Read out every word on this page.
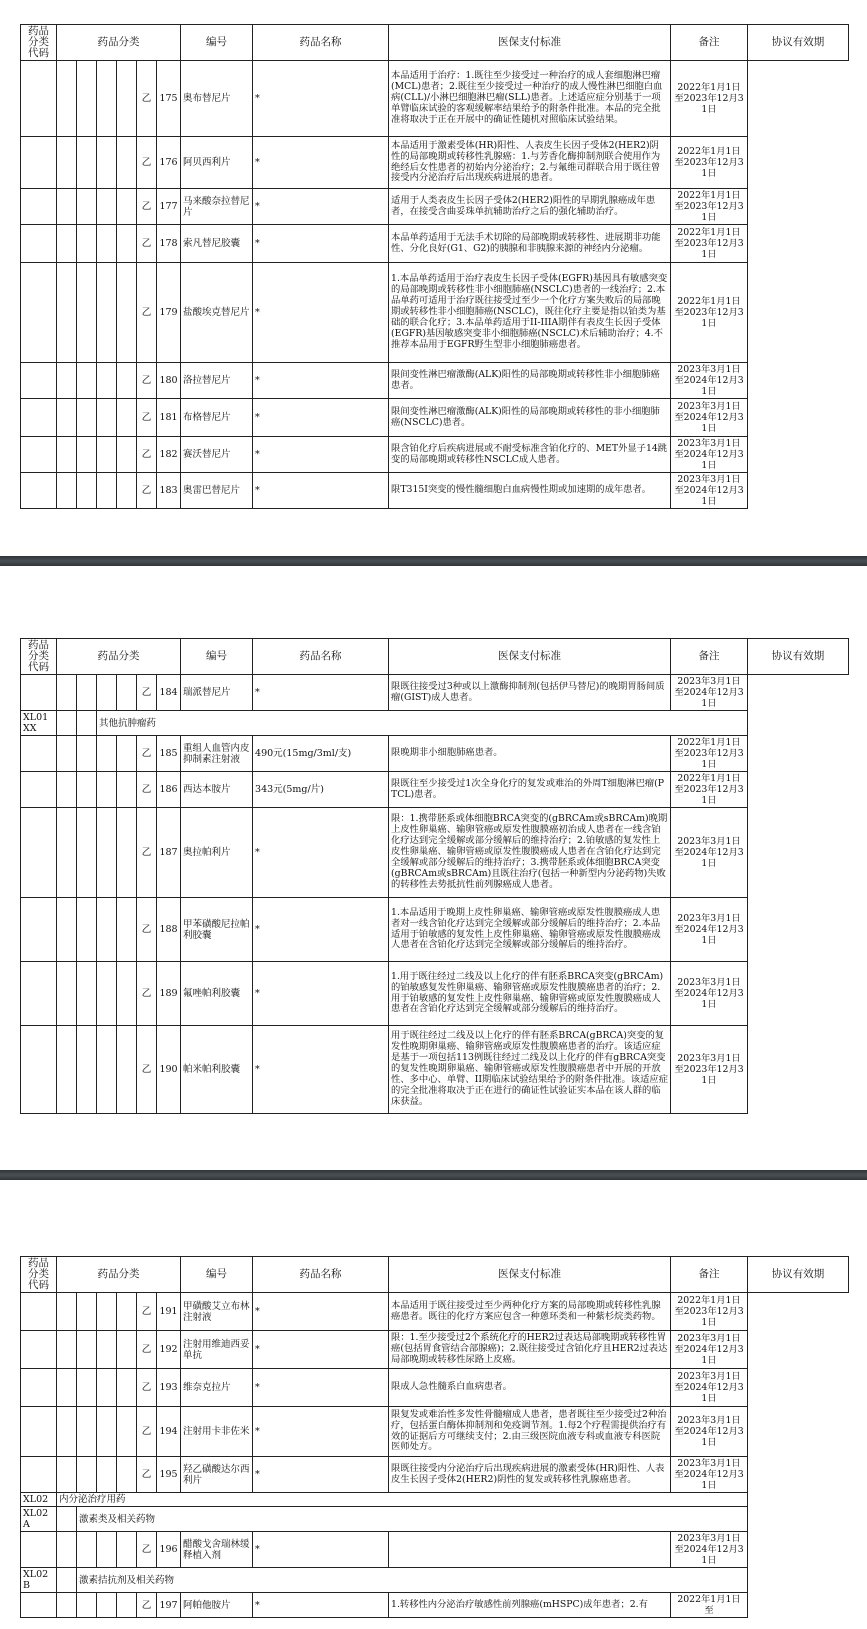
药品分类代码	药品分类						编号	药品名称	医保支付标准	备注	协议有效期
					乙	175	奥布替尼片	*	本品适用于治疗：1.既往至少接受过一种治疗的成人套细胞淋巴瘤(MCL)患者；2.既往至少接受过一种治疗的成人慢性淋巴细胞白血病(CLL)/小淋巴细胞淋巴瘤(SLL)患者。上述适应症分别基于一项单臂临床试验的客观缓解率结果给予的附条件批准。本品的完全批准将取决于正在开展中的确证性随机对照临床试验结果。	2022年1月1日至2023年12月31日	
					乙	176	阿贝西利片	*	本品适用于激素受体(HR)阳性、人表皮生长因子受体2(HER2)阴性的局部晚期或转移性乳腺癌：1.与芳香化酶抑制剂联合使用作为绝经后女性患者的初始内分泌治疗；2.与氟维司群联合用于既往曾接受内分泌治疗后出现疾病进展的患者。	2022年1月1日至2023年12月31日	
					乙	177	马来酸奈拉替尼片	*	适用于人类表皮生长因子受体2(HER2)阳性的早期乳腺癌成年患者，在接受含曲妥珠单抗辅助治疗之后的强化辅助治疗。	2022年1月1日至2023年12月31日	
					乙	178	索凡替尼胶囊	*	本品单药适用于无法手术切除的局部晚期或转移性、进展期非功能性、分化良好(G1、G2)的胰腺和非胰腺来源的神经内分泌瘤。	2022年1月1日至2023年12月31日	
					乙	179	盐酸埃克替尼片	*	1.本品单药适用于治疗表皮生长因子受体(EGFR)基因具有敏感突变的局部晚期或转移性非小细胞肺癌(NSCLC)患者的一线治疗；2.本品单药可适用于治疗既往接受过至少一个化疗方案失败后的局部晚期或转移性非小细胞肺癌(NSCLC)，既往化疗主要是指以铂类为基础的联合化疗；3.本品单药适用于II-IIIA期伴有表皮生长因子受体(EGFR)基因敏感突变非小细胞肺癌(NSCLC)术后辅助治疗；4.不推荐本品用于EGFR野生型非小细胞肺癌患者。	2022年1月1日至2023年12月31日	
					乙	180	洛拉替尼片	*	限间变性淋巴瘤激酶(ALK)阳性的局部晚期或转移性非小细胞肺癌患者。	2023年3月1日至2024年12月31日	
					乙	181	布格替尼片	*	限间变性淋巴瘤激酶(ALK)阳性的局部晚期或转移性的非小细胞肺癌(NSCLC)患者。	2023年3月1日至2024年12月31日	
					乙	182	赛沃替尼片	*	限含铂化疗后疾病进展或不耐受标准含铂化疗的、MET外显子14跳变的局部晚期或转移性NSCLC成人患者。	2023年3月1日至2024年12月31日	
					乙	183	奥雷巴替尼片	*	限T315I突变的慢性髓细胞白血病慢性期或加速期的成年患者。	2023年3月1日至2024年12月31日	
药品分类代码	药品分类						编号	药品名称	医保支付标准	备注	协议有效期
					乙	184	瑞派替尼片	*	限既往接受过3种或以上激酶抑制剂(包括伊马替尼)的晚期胃肠间质瘤(GIST)成人患者。	2023年3月1日至2024年12月31日	
XL01XX			其他抗肿瘤药								
					乙	185	重组人血管内皮抑制素注射液	490元(15mg/3ml/支)	限晚期非小细胞肺癌患者。	2022年1月1日至2023年12月31日	
					乙	186	西达本胺片	343元(5mg/片)	限既往至少接受过1次全身化疗的复发或难治的外周T细胞淋巴瘤(PTCL)患者。	2022年1月1日至2023年12月31日	
					乙	187	奥拉帕利片	*	限：1.携带胚系或体细胞BRCA突变的(gBRCAm或sBRCAm)晚期上皮性卵巢癌、输卵管癌或原发性腹膜癌初治成人患者在一线含铂化疗达到完全缓解或部分缓解后的维持治疗；2.铂敏感的复发性上皮性卵巢癌、输卵管癌或原发性腹膜癌成人患者在含铂化疗达到完全缓解或部分缓解后的维持治疗；3.携带胚系或体细胞BRCA突变(gBRCAm或sBRCAm)且既往治疗(包括一种新型内分泌药物)失败的转移性去势抵抗性前列腺癌成人患者。	2023年3月1日至2024年12月31日	
					乙	188	甲苯磺酸尼拉帕利胶囊	*	1.本品适用于晚期上皮性卵巢癌、输卵管癌或原发性腹膜癌成人患者对一线含铂化疗达到完全缓解或部分缓解后的维持治疗；2.本品适用于铂敏感的复发性上皮性卵巢癌、输卵管癌或原发性腹膜癌成人患者在含铂化疗达到完全缓解或部分缓解后的维持治疗。	2023年3月1日至2024年12月31日	
					乙	189	氟唑帕利胶囊	*	1.用于既往经过二线及以上化疗的伴有胚系BRCA突变(gBRCAm)的铂敏感复发性卵巢癌、输卵管癌或原发性腹膜癌患者的治疗；2.用于铂敏感的复发性上皮性卵巢癌、输卵管癌或原发性腹膜癌成人患者在含铂化疗达到完全缓解或部分缓解后的维持治疗。	2023年3月1日至2024年12月31日	
					乙	190	帕米帕利胶囊	*	用于既往经过二线及以上化疗的伴有胚系BRCA(gBRCA)突变的复发性晚期卵巢癌、输卵管癌或原发性腹膜癌患者的治疗。该适应症是基于一项包括113例既往经过二线及以上化疗的伴有gBRCA突变的复发性晚期卵巢癌、输卵管癌或原发性腹膜癌患者中开展的开放性、多中心、单臂、II期临床试验结果给予的附条件批准。该适应症的完全批准将取决于正在进行的确证性试验证实本品在该人群的临床获益。	2023年3月1日至2023年12月31日	
药品分类代码	药品分类						编号	药品名称	医保支付标准	备注	协议有效期
					乙	191	甲磺酸艾立布林注射液	*	本品适用于既往接受过至少两种化疗方案的局部晚期或转移性乳腺癌患者。既往的化疗方案应包含一种蒽环类和一种紫杉烷类药物。	2022年1月1日至2023年12月31日	
					乙	192	注射用维迪西妥单抗	*	限：1.至少接受过2个系统化疗的HER2过表达局部晚期或转移性胃癌(包括胃食管结合部腺癌)；2.既往接受过含铂化疗且HER2过表达局部晚期或转移性尿路上皮癌。	2023年3月1日至2024年12月31日	
					乙	193	维奈克拉片	*	限成人急性髓系白血病患者。	2023年3月1日至2024年12月31日	
					乙	194	注射用卡非佐米	*	限复发或难治性多发性骨髓瘤成人患者，患者既往至少接受过2种治疗，包括蛋白酶体抑制剂和免疫调节剂。1.每2个疗程需提供治疗有效的证据后方可继续支付；2.由三级医院血液专科或血液专科医院医师处方。	2023年3月1日至2024年12月31日	
					乙	195	羟乙磺酸达尔西利片	*	限既往接受内分泌治疗后出现疾病进展的激素受体(HR)阳性、人表皮生长因子受体2(HER2)阴性的复发或转移性乳腺癌患者。	2023年3月1日至2024年12月31日	
XL02	内分泌治疗用药										
XL02A		激素类及相关药物									
					乙	196	醋酸戈舍瑞林缓释植入剂	*		2023年3月1日至2024年12月31日	
XL02B		激素拮抗剂及相关药物									
					乙	197	阿帕他胺片	*	1.转移性内分泌治疗敏感性前列腺癌(mHSPC)成年患者；2.有	2022年1月1日至	
